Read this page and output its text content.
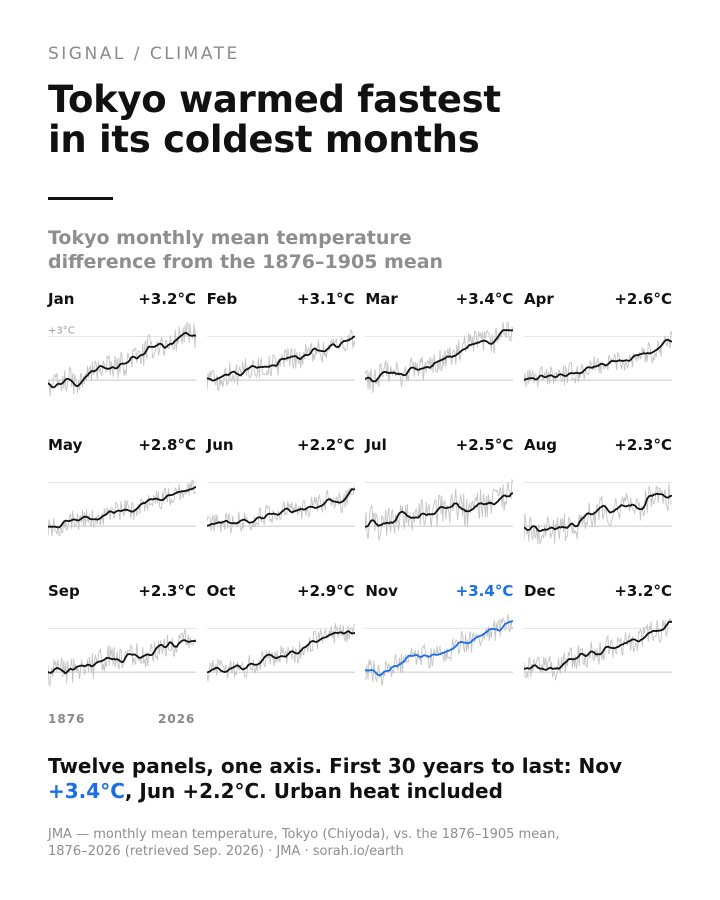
SIGNAL / CLIMATE
Tokyo warmed fastest
in its coldest months
Tokyo monthly mean temperature
difference from the 1876–1905 mean
Jan	+3.2°C
+3°C
Feb	+3.1°C Mar	+3.4°C Apr	+2.6°C
May	+2.8°C Jun	+2.2°C Jul	+2.5°C Aug	+2.3°C
Sep	+2.3°C Oct	+2.9°C Nov	+3.4°C Dec	+3.2°C
1876	2026
Twelve panels, one axis. First 30 years to last: Nov
+3.4°C, Jun +2.2°C. Urban heat included
JMA — monthly mean temperature, Tokyo (Chiyoda), vs. the 1876–1905 mean,
1876–2026 (retrieved Sep. 2026) · JMA · sorah.io/earth
